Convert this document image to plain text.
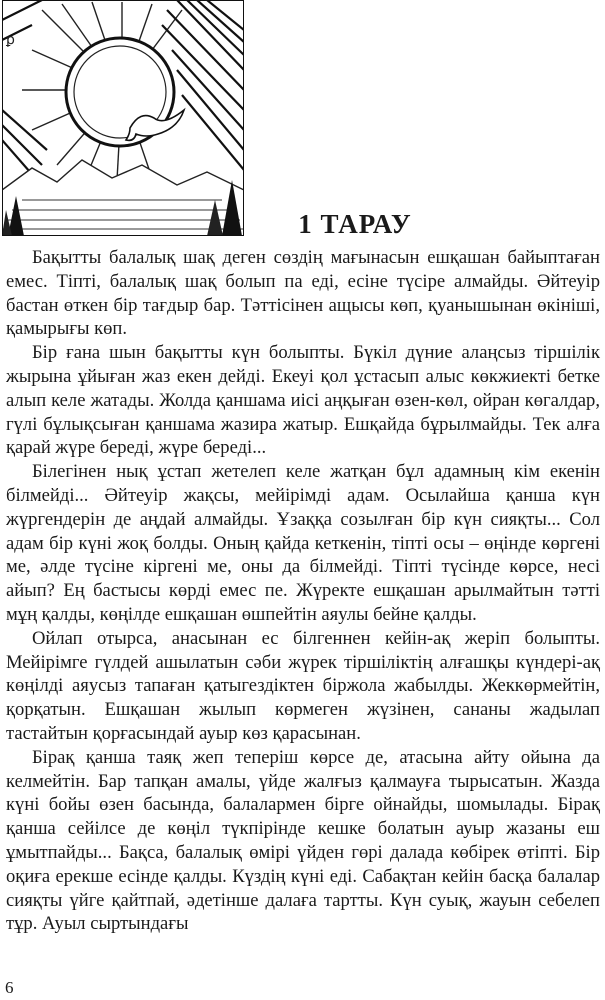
ꝑ
1 ТАРАУ

Бақытты балалық шақ деген сөздің мағынасын ешқашан байыптаған емес. Тіпті, балалық шақ болып па еді, есіне түсіре алмайды. Әйтеуір бастан өткен бір тағдыр бар. Тәттісінен ащысы көп, қуанышынан өкініші, қамырығы көп.

Бір ғана шын бақытты күн болыпты. Бүкіл дүние алаңсыз тіршілік жырына ұйыған жаз екен дейді. Екеуі қол ұстасып алыс көкжиекті бетке алып келе жатады. Жолда қаншама иісі аңқыған өзен-көл, ойран көгалдар, гүлі бұлықсыған қаншама жазира жатыр. Ешқайда бұрылмайды. Тек алға қарай жүре береді, жүре береді...

Білегінен нық ұстап жетелеп келе жатқан бұл адамның кім екенін білмейді... Әйтеуір жақсы, мейірімді адам. Осылайша қанша күн жүргендерін де аңдай алмайды. Ұзаққа созылған бір күн сияқты... Сол адам бір күні жоқ болды. Оның қайда кеткенін, тіпті осы – өңінде көргені ме, әлде түсіне кіргені ме, оны да білмейді. Тіпті түсінде көрсе, несі айып? Ең бастысы көрді емес пе. Жүректе ешқашан арылмайтын тәтті мұң қалды, көңілде ешқашан өшпейтін аяулы бейне қалды.

Ойлап отырса, анасынан ес білгеннен кейін-ақ жеріп болыпты. Мейірімге гүлдей ашылатын сәби жүрек тіршіліктің алғашқы күндері-ақ көңілді аяусыз тапаған қатыгездіктен біржола жабылды. Жеккөрмейтін, қорқатын. Ешқашан жылып көрмеген жүзінен, сананы жадылап тастайтын қорғасындай ауыр көз қарасынан.

Бірақ қанша таяқ жеп теперіш көрсе де, атасына айту ойына да келмейтін. Бар тапқан амалы, үйде жалғыз қалмауға тырысатын. Жазда күні бойы өзен басында, балалармен бірге ойнайды, шомылады. Бірақ қанша сейілсе де көңіл түкпірінде кешке болатын ауыр жазаны еш ұмытпайды... Бақса, балалық өмірі үйден гөрі далада көбірек өтіпті. Бір оқиға ерекше есінде қалды. Күздің күні еді. Сабақтан кейін басқа балалар сияқты үйге қайтпай, әдетінше далаға тартты. Күн суық, жауын себелеп тұр. Ауыл сыртындағы

6
